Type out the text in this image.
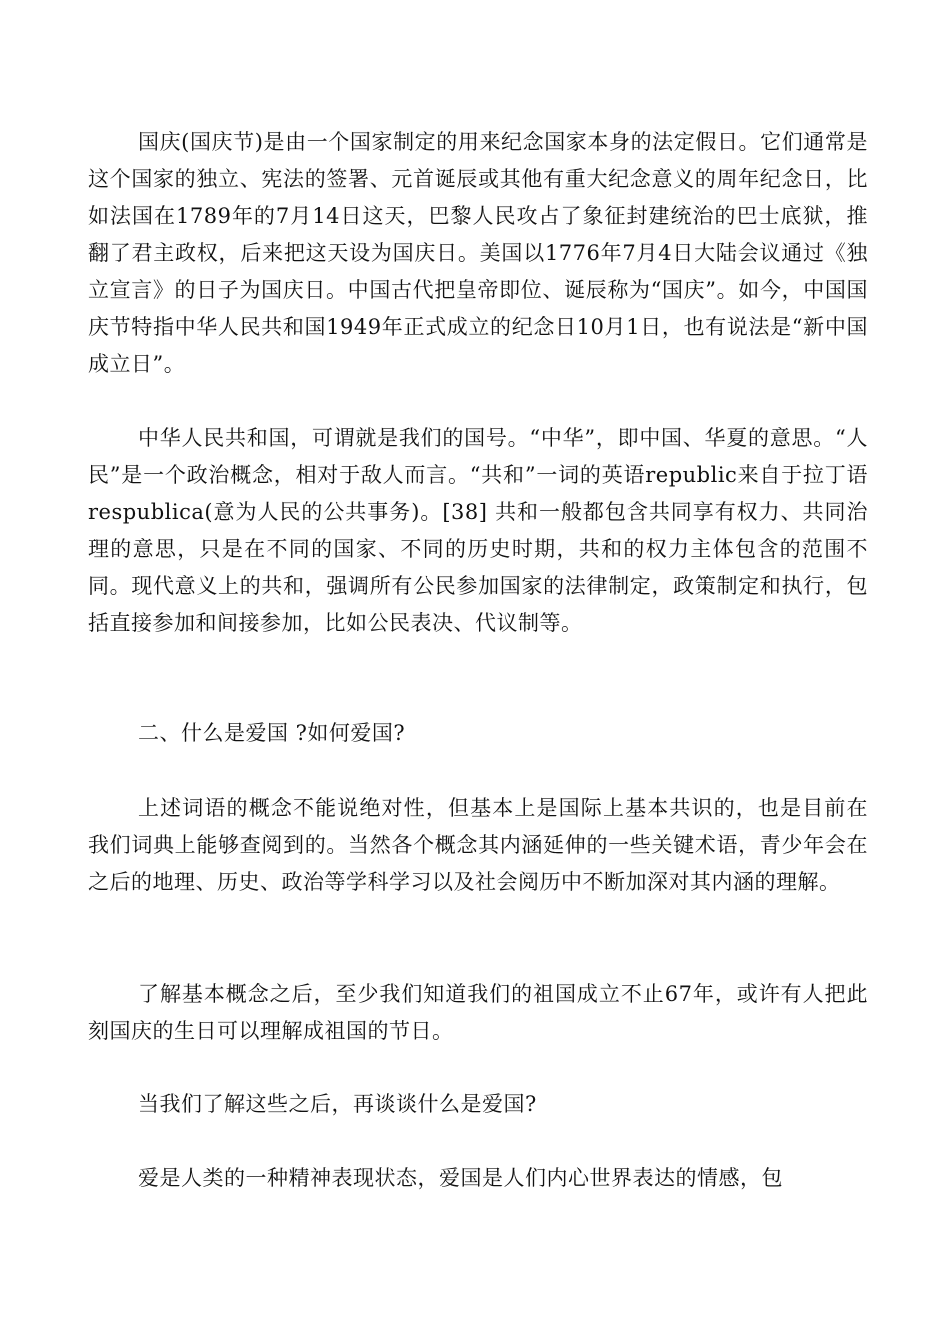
国庆(国庆节)是由一个国家制定的用来纪念国家本身的法定假日。它们通常是这个国家的独立、宪法的签署、元首诞辰或其他有重大纪念意义的周年纪念日，比如法国在1789年的7月14日这天，巴黎人民攻占了象征封建统治的巴士底狱，推翻了君主政权，后来把这天设为国庆日。美国以1776年7月4日大陆会议通过《独立宣言》的日子为国庆日。中国古代把皇帝即位、诞辰称为“国庆”。如今，中国国庆节特指中华人民共和国1949年正式成立的纪念日10月1日，也有说法是“新中国成立日”。

中华人民共和国，可谓就是我们的国号。“中华”，即中国、华夏的意思。“人民”是一个政治概念，相对于敌人而言。“共和”一词的英语republic来自于拉丁语respublica(意为人民的公共事务)。[38] 共和一般都包含共同享有权力、共同治理的意思，只是在不同的国家、不同的历史时期，共和的权力主体包含的范围不同。现代意义上的共和，强调所有公民参加国家的法律制定，政策制定和执行，包括直接参加和间接参加，比如公民表决、代议制等。

二、什么是爱国 ?如何爱国?

上述词语的概念不能说绝对性，但基本上是国际上基本共识的，也是目前在我们词典上能够查阅到的。当然各个概念其内涵延伸的一些关键术语，青少年会在之后的地理、历史、政治等学科学习以及社会阅历中不断加深对其内涵的理解。

了解基本概念之后，至少我们知道我们的祖国成立不止67年，或许有人把此刻国庆的生日可以理解成祖国的节日。

当我们了解这些之后，再谈谈什么是爱国?

爱是人类的一种精神表现状态，爱国是人们内心世界表达的情感，包
